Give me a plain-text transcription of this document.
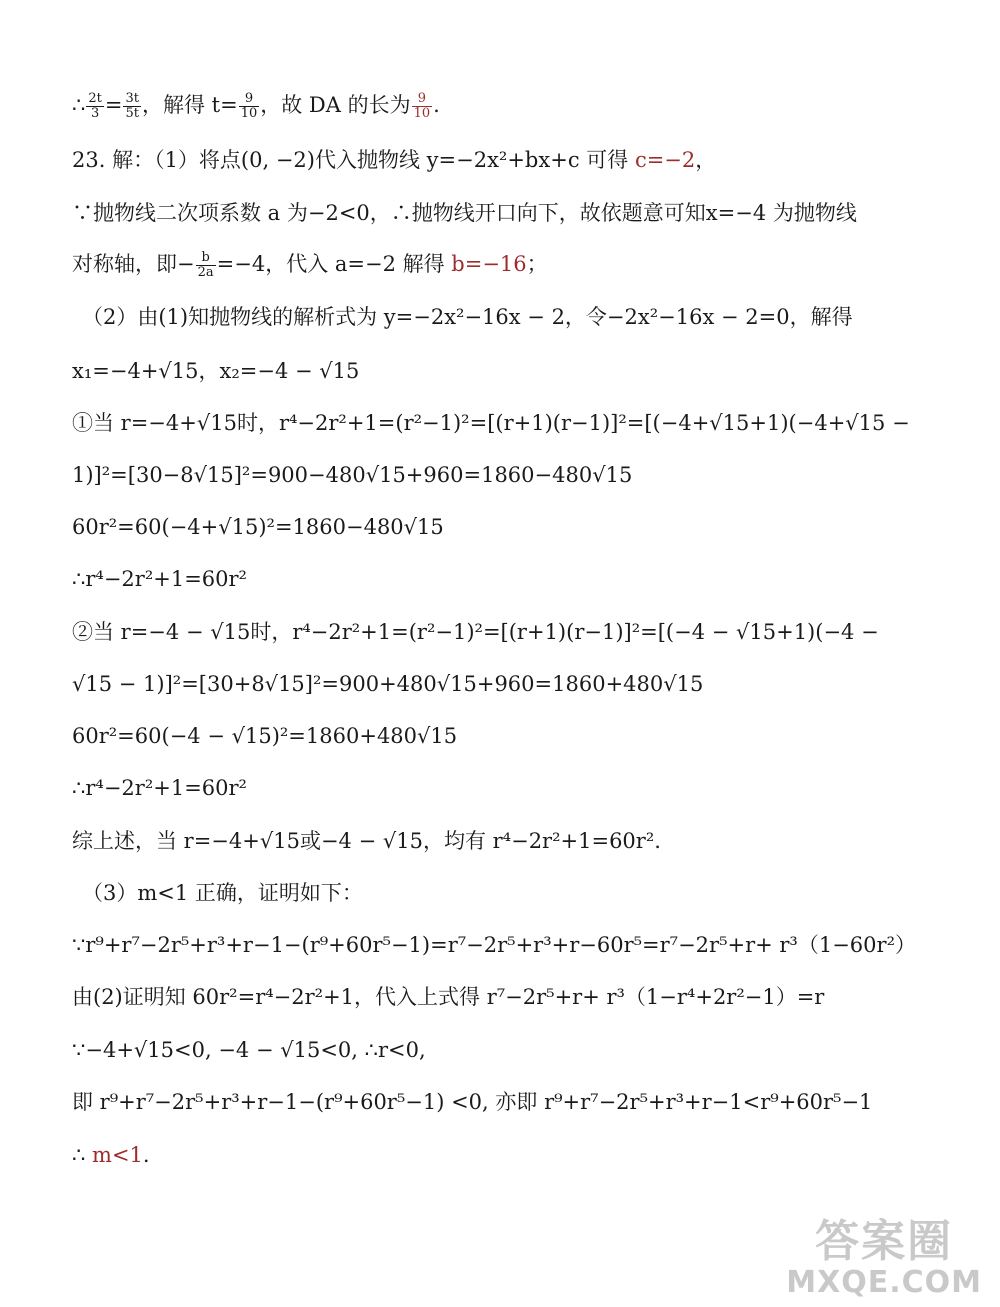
∴ $\frac{2t}{3} = \frac{3t}{5t}$ ，解得 $t= \frac{9}{10}$ ，故 DA 的长为 $\frac{9}{10}$ .
23. 解：（1）将点(0, −2)代入抛物线 y=−2x²+bx+c 可得 c=−2，
∵抛物线二次项系数 a 为−2<0，∴抛物线开口向下，故依题意可知x=−4 为抛物线
对称轴，即− $\frac{b}{2a} =-4$，代入 a=−2 解得 b=−16；
（2）由(1)知抛物线的解析式为 y=−2x²−16x − 2，令−2x²−16x − 2=0，解得
x₁=−4+√15，x₂=−4 − √15
①当 r=−4+√15时，r⁴−2r²+1=(r²−1)²=[(r+1)(r−1)]²=[(−4+√15+1)(−4+√15 −
1)]²=[30−8√15]²=900−480√15+960=1860−480√15
60r²=60(−4+√15)²=1860−480√15
∴r⁴−2r²+1=60r²
②当 r=−4 − √15时，r⁴−2r²+1=(r²−1)²=[(r+1)(r−1)]²=[(−4 − √15+1)(−4 −
√15 − 1)]²=[30+8√15]²=900+480√15+960=1860+480√15
60r²=60(−4 − √15)²=1860+480√15
∴r⁴−2r²+1=60r²
综上述，当 r=−4+√15或−4 − √15，均有 r⁴−2r²+1=60r².
（3）m<1 正确，证明如下：
∵r⁹+r⁷−2r⁵+r³+r−1−(r⁹+60r⁵−1)=r⁷−2r⁵+r³+r−60r⁵=r⁷−2r⁵+r+ r³（1−60r²）
由(2)证明知 60r²=r⁴−2r²+1，代入上式得 r⁷−2r⁵+r+ r³（1−r⁴+2r²−1）=r
∵−4+√15<0, −4 − √15<0, ∴r<0,
即 r⁹+r⁷−2r⁵+r³+r−1−(r⁹+60r⁵−1) <0, 亦即 r⁹+r⁷−2r⁵+r³+r−1<r⁹+60r⁵−1
∴ m<1.
答案圈
MXQE.COM
